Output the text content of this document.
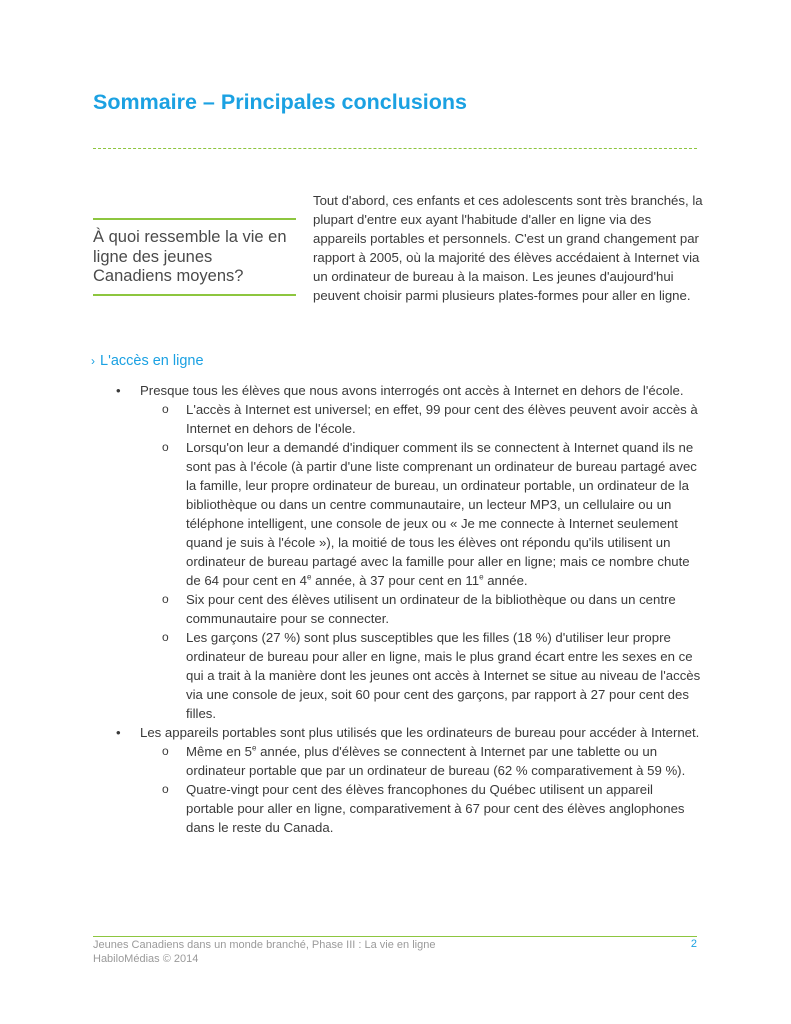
Sommaire – Principales conclusions
À quoi ressemble la vie en ligne des jeunes Canadiens moyens?

Tout d'abord, ces enfants et ces adolescents sont très branchés, la plupart d'entre eux ayant l'habitude d'aller en ligne via des appareils portables et personnels. C'est un grand changement par rapport à 2005, où la majorité des élèves accédaient à Internet via un ordinateur de bureau à la maison. Les jeunes d'aujourd'hui peuvent choisir parmi plusieurs plates-formes pour aller en ligne.

› L'accès en ligne
• Presque tous les élèves que nous avons interrogés ont accès à Internet en dehors de l'école.
o L'accès à Internet est universel; en effet, 99 pour cent des élèves peuvent avoir accès à Internet en dehors de l'école.
o Lorsqu'on leur a demandé d'indiquer comment ils se connectent à Internet quand ils ne sont pas à l'école (à partir d'une liste comprenant un ordinateur de bureau partagé avec la famille, leur propre ordinateur de bureau, un ordinateur portable, un ordinateur de la bibliothèque ou dans un centre communautaire, un lecteur MP3, un cellulaire ou un téléphone intelligent, une console de jeux ou « Je me connecte à Internet seulement quand je suis à l'école »), la moitié de tous les élèves ont répondu qu'ils utilisent un ordinateur de bureau partagé avec la famille pour aller en ligne; mais ce nombre chute de 64 pour cent en 4e année, à 37 pour cent en 11e année.
o Six pour cent des élèves utilisent un ordinateur de la bibliothèque ou dans un centre communautaire pour se connecter.
o Les garçons (27 %) sont plus susceptibles que les filles (18 %) d'utiliser leur propre ordinateur de bureau pour aller en ligne, mais le plus grand écart entre les sexes en ce qui a trait à la manière dont les jeunes ont accès à Internet se situe au niveau de l'accès via une console de jeux, soit 60 pour cent des garçons, par rapport à 27 pour cent des filles.
• Les appareils portables sont plus utilisés que les ordinateurs de bureau pour accéder à Internet.
o Même en 5e année, plus d'élèves se connectent à Internet par une tablette ou un ordinateur portable que par un ordinateur de bureau (62 % comparativement à 59 %).
o Quatre-vingt pour cent des élèves francophones du Québec utilisent un appareil portable pour aller en ligne, comparativement à 67 pour cent des élèves anglophones dans le reste du Canada.
Jeunes Canadiens dans un monde branché, Phase III : La vie en ligne
HabiloMédias © 2014
2
